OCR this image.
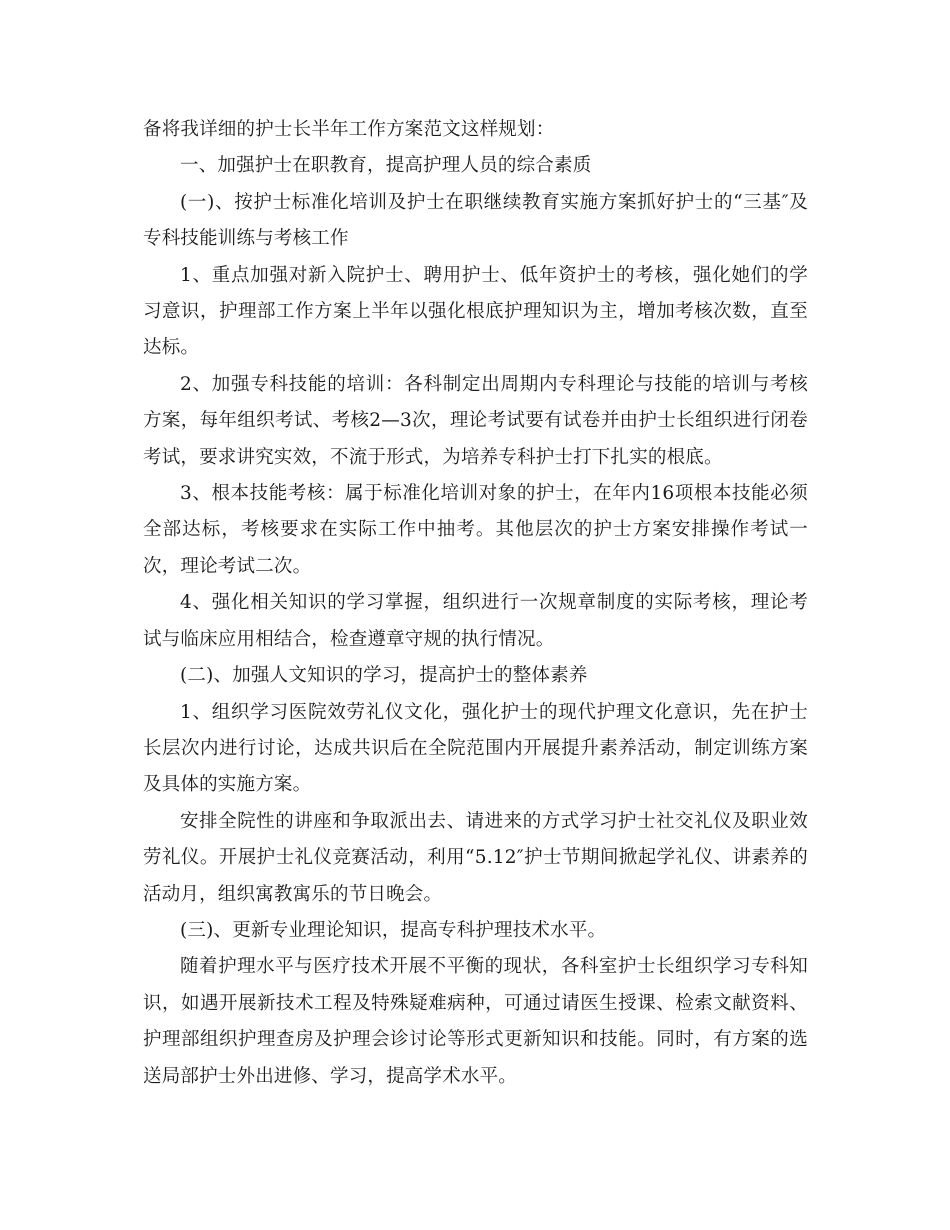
备将我详细的护士长半年工作方案范文这样规划：

一、加强护士在职教育，提高护理人员的综合素质

(一)、按护士标准化培训及护士在职继续教育实施方案抓好护士的“三基″及专科技能训练与考核工作

1、重点加强对新入院护士、聘用护士、低年资护士的考核，强化她们的学习意识，护理部工作方案上半年以强化根底护理知识为主，增加考核次数，直至达标。

2、加强专科技能的培训：各科制定出周期内专科理论与技能的培训与考核方案，每年组织考试、考核2—3次，理论考试要有试卷并由护士长组织进行闭卷考试，要求讲究实效，不流于形式，为培养专科护士打下扎实的根底。

3、根本技能考核：属于标准化培训对象的护士，在年内16项根本技能必须全部达标，考核要求在实际工作中抽考。其他层次的护士方案安排操作考试一次，理论考试二次。

4、强化相关知识的学习掌握，组织进行一次规章制度的实际考核，理论考试与临床应用相结合，检查遵章守规的执行情况。

(二)、加强人文知识的学习，提高护士的整体素养

1、组织学习医院效劳礼仪文化，强化护士的现代护理文化意识，先在护士长层次内进行讨论，达成共识后在全院范围内开展提升素养活动，制定训练方案及具体的实施方案。

安排全院性的讲座和争取派出去、请进来的方式学习护士社交礼仪及职业效劳礼仪。开展护士礼仪竞赛活动，利用“5.12″护士节期间掀起学礼仪、讲素养的活动月，组织寓教寓乐的节日晚会。

(三)、更新专业理论知识，提高专科护理技术水平。

随着护理水平与医疗技术开展不平衡的现状，各科室护士长组织学习专科知识，如遇开展新技术工程及特殊疑难病种，可通过请医生授课、检索文献资料、护理部组织护理查房及护理会诊讨论等形式更新知识和技能。同时，有方案的选送局部护士外出进修、学习，提高学术水平。
